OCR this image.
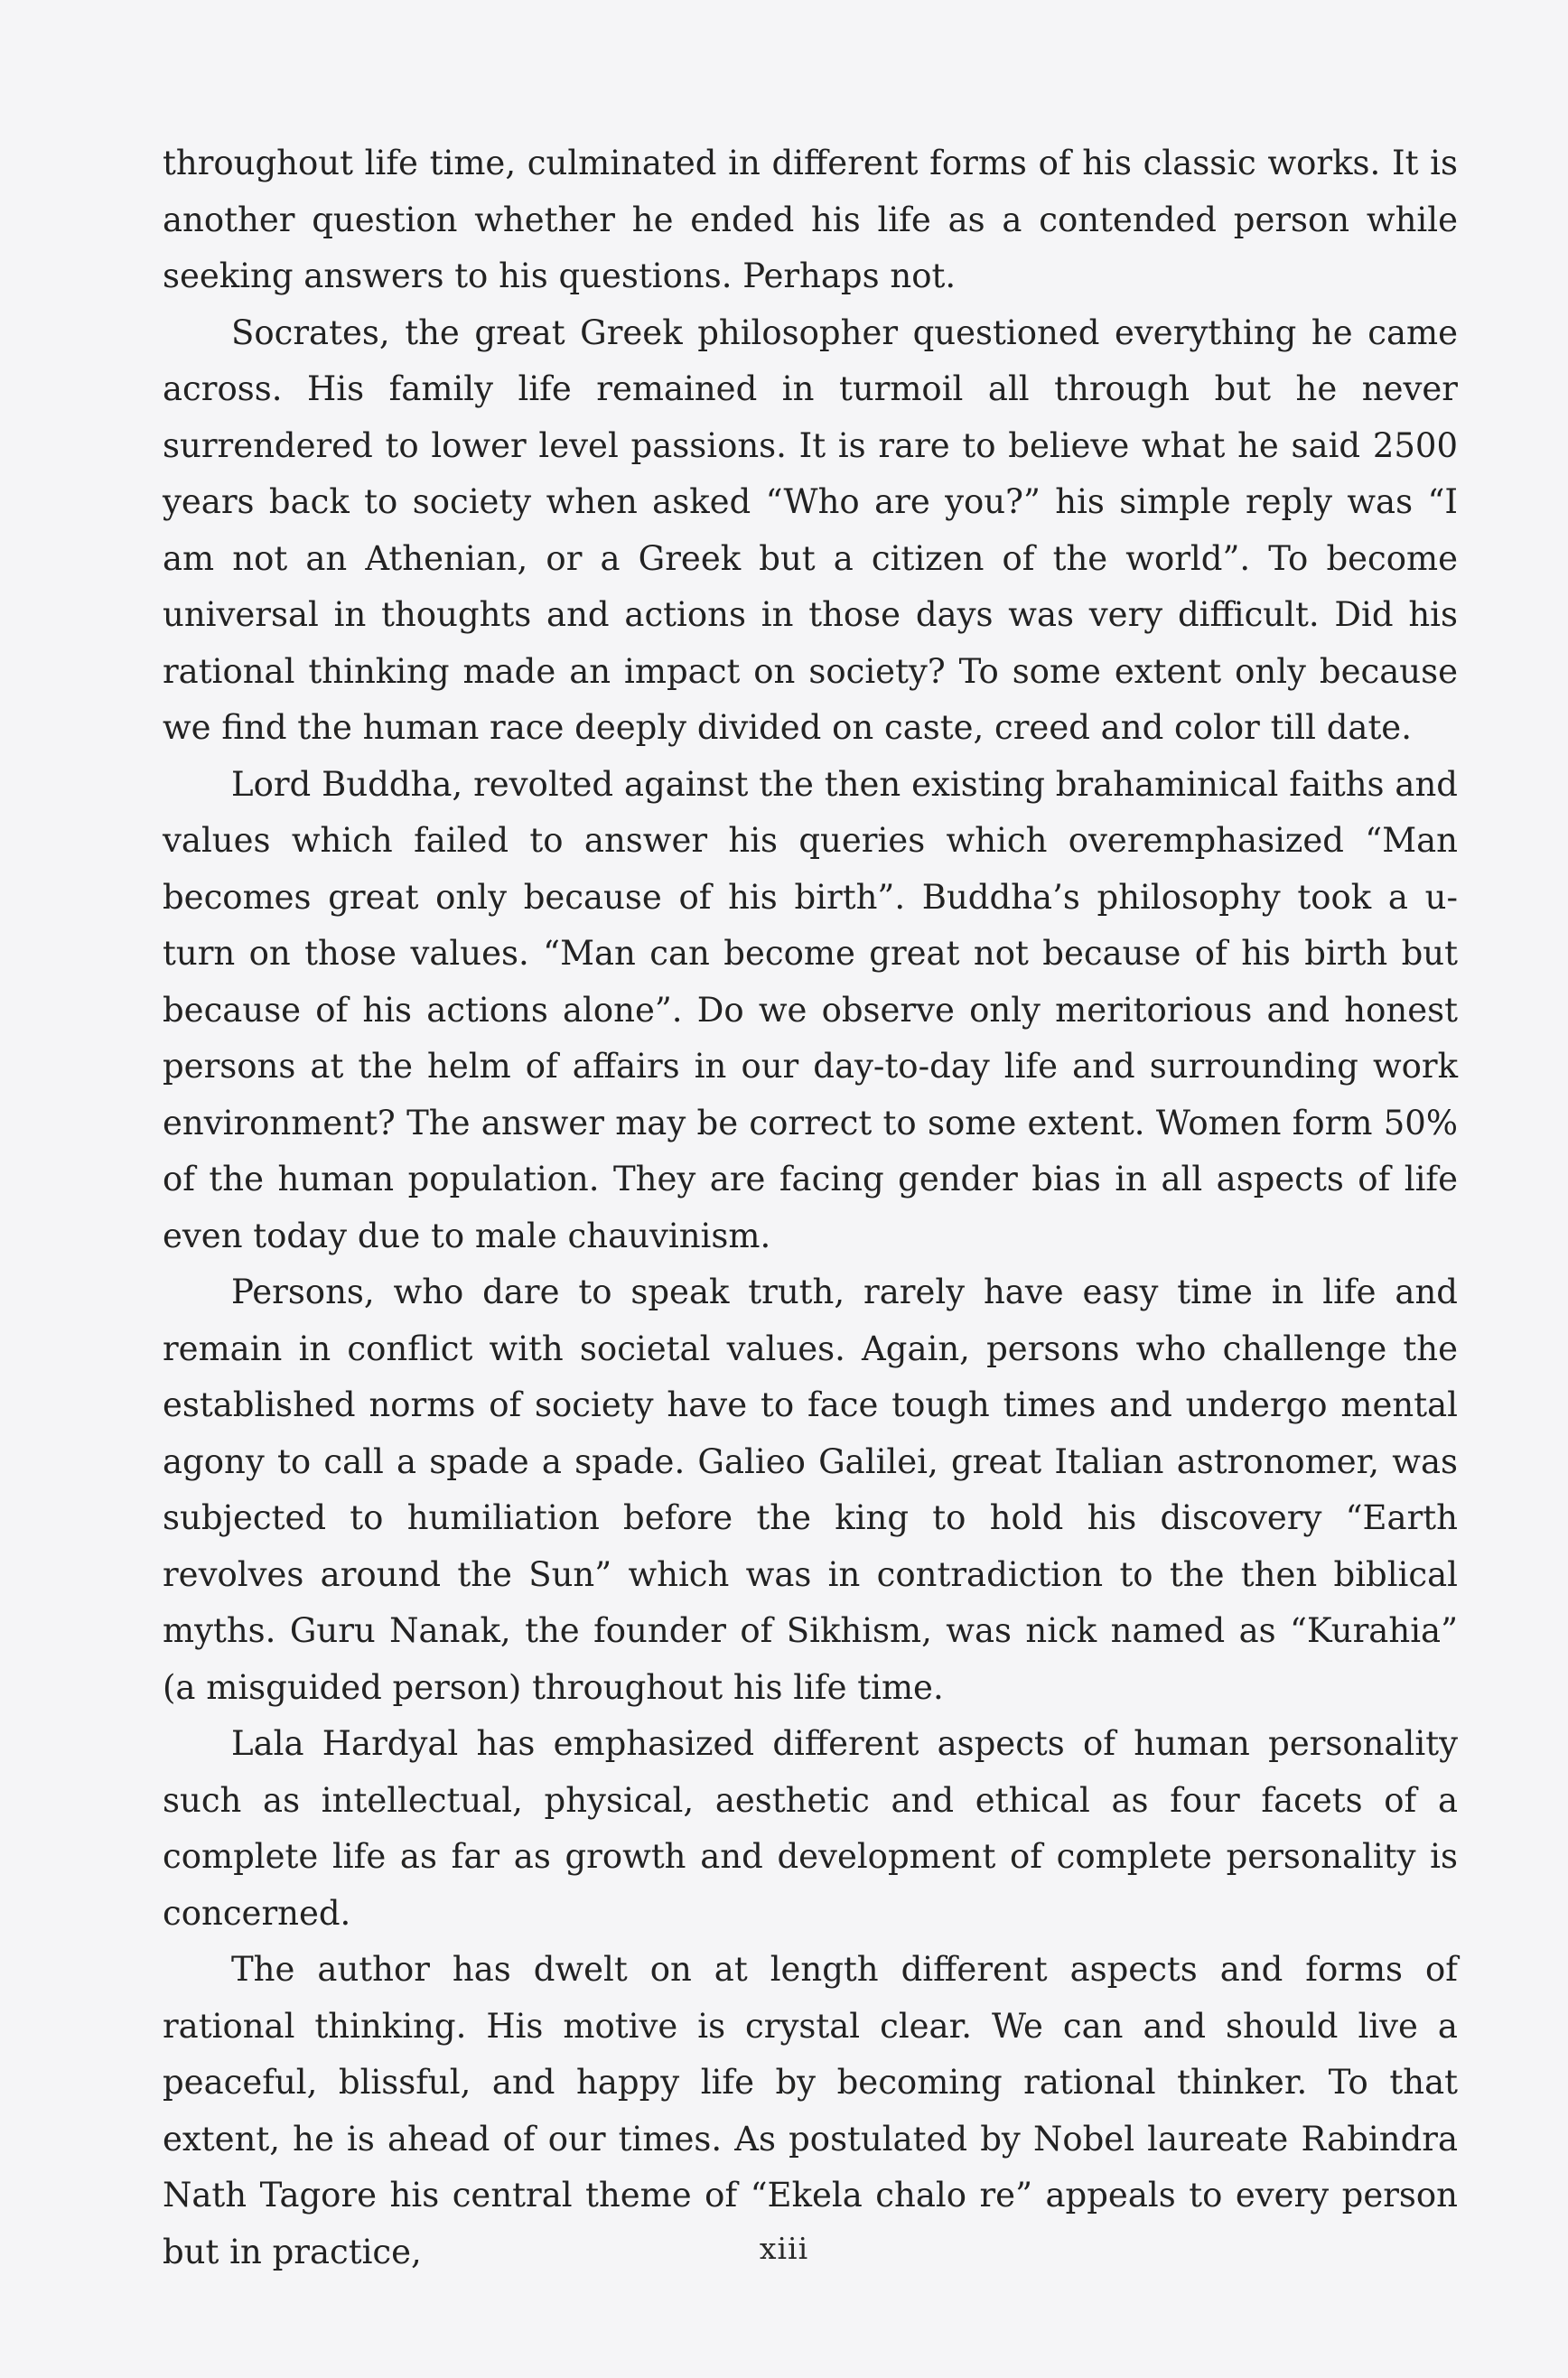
throughout life time, culminated in different forms of his classic works. It is another question whether he ended his life as a contended person while seeking answers to his questions. Perhaps not.

Socrates, the great Greek philosopher questioned everything he came across. His family life remained in turmoil all through but he never surrendered to lower level passions. It is rare to believe what he said 2500 years back to society when asked “Who are you?” his simple reply was “I am not an Athenian, or a Greek but a citizen of the world”. To become universal in thoughts and actions in those days was very difficult. Did his rational thinking made an impact on society? To some extent only because we find the human race deeply divided on caste, creed and color till date.

Lord Buddha, revolted against the then existing brahaminical faiths and values which failed to answer his queries which overemphasized “Man becomes great only because of his birth”. Buddha’s philosophy took a u-turn on those values. “Man can become great not because of his birth but because of his actions alone”. Do we observe only meritorious and honest persons at the helm of affairs in our day-to-day life and surrounding work environment? The answer may be correct to some extent. Women form 50% of the human population. They are facing gender bias in all aspects of life even today due to male chauvinism.

Persons, who dare to speak truth, rarely have easy time in life and remain in conflict with societal values. Again, persons who challenge the established norms of society have to face tough times and undergo mental agony to call a spade a spade. Galieo Galilei, great Italian astronomer, was subjected to humiliation before the king to hold his discovery “Earth revolves around the Sun” which was in contradiction to the then biblical myths. Guru Nanak, the founder of Sikhism, was nick named as “Kurahia” (a misguided person) throughout his life time.

Lala Hardyal has emphasized different aspects of human personality such as intellectual, physical, aesthetic and ethical as four facets of a complete life as far as growth and development of complete personality is concerned.

The author has dwelt on at length different aspects and forms of rational thinking. His motive is crystal clear. We can and should live a peaceful, blissful, and happy life by becoming rational thinker. To that extent, he is ahead of our times. As postulated by Nobel laureate Rabindra Nath Tagore his central theme of “Ekela chalo re” appeals to every person but in practice,	xiii
